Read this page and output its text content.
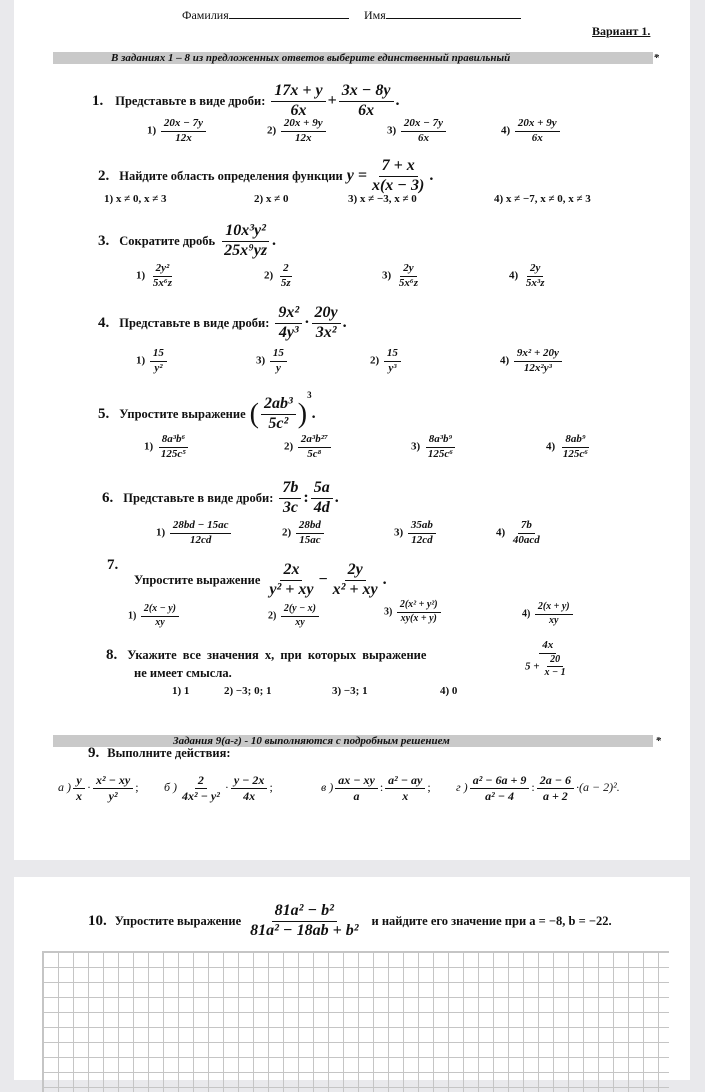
Фамилия	Имя
Вариант 1.
В заданиях 1 – 8 из предложенных ответов выберите единственный правильный	*
1. Представьте в виде дроби: $\frac{17x + y}{6x} + \frac{3x - 8y}{6x}$ .
$1) \frac{20x - 7y}{12x}$	$2) \frac{20x + 9y}{12x}$	$3) \frac{20x - 7y}{6x}$	$4) \frac{20x + 9y}{6x}$
2. Найдите область определения функции $y = \frac{7 + x}{x(x - 3)}$ .
1) x ≠ 0, x ≠ 3	2) x ≠ 0	3) x ≠ −3, x ≠ 0	4) x ≠ −7, x ≠ 0, x ≠ 3
3. Сократите дробь $\frac{\text{10x³y²}}{\text{25x⁹yz}}$ .
$1) \frac{\text{2y²}}{\text{5x⁶z}}$	$2) \frac{2}{5z}$	$3) \frac{2y}{\text{5x⁶z}}$	$4) \frac{2y}{\text{5x³z}}$
4. Представьте в виде дроби: $\frac{\text{9x²}}{\text{4y³}} \cdot \frac{20y}{\text{3x²}}$ .
$1) \frac{15}{\text{y²}}$	$3) \frac{15}{y}$	$2) \frac{15}{\text{y³}}$	$4) \frac{\text{9x² + 20y}}{\text{12x²y³}}$
5. Упростите выражение ( $\frac{\text{2ab³}}{\text{5c²}} )^3$.
$1) \frac{\text{8a³b⁶}}{\text{125c⁵}}$	$2) \frac{\text{2a³b²⁷}}{\text{5c⁸}}$	$3) \frac{\text{8a³b⁹}}{\text{125c⁶}}$	$4) \frac{\text{8ab⁹}}{\text{125c⁶}}$
6. Представьте в виде дроби: $\frac{7b}{3c}$ : $\frac{5a}{4d}$ .
$1) \frac{28bd - 15ac}{12cd}$	$2) \frac{28bd}{15ac}$	$3) \frac{35ab}{12cd}$	$4) \frac{7b}{\text{40acd}}$
7.
Упростите выражение $\frac{2x}{\text{y² + xy}} - \frac{2y}{\text{x² + xy}}$ .
$1) \frac{2(x - y)}{xy}$	$2) \frac{2(y - x)}{xy}$	$3) \frac{\text{2(x² + y²)}}{xy(x + y)}$	$4) \frac{2(x + y)}{xy}$
8. Укажите все значения x, при которых выражение
не имеет смысла.	$\frac{4x}{5 + \frac{20}{x - 1}}$
1) 1	2) −3; 0; 1	3) −3; 1	4) 0
Задания 9(а-г) - 10 выполняются с подробным решением	*
9. Выполните действия:
а ) $\frac{y}{x} \cdot \frac{\text{x² − xy}}{\text{y²}}$ ; б ) $\frac{2}{\text{4x² − y²}} \cdot \frac{y - 2x}{4x}$ ;	в ) $\frac{ax - xy}{a}$ : $\frac{\text{a² − ay}}{x}$ ; г ) $\frac{\text{a² − 6a + 9}}{\text{a² − 4}}$ : $\frac{2a - 6}{a + 2} \cdot(a - 2)^2$.
10. Упростите выражение $\frac{\text{81a² − b²}}{\text{81a² − 18ab + b²}}$ и найдите его значение при a = −8, b = −22.
